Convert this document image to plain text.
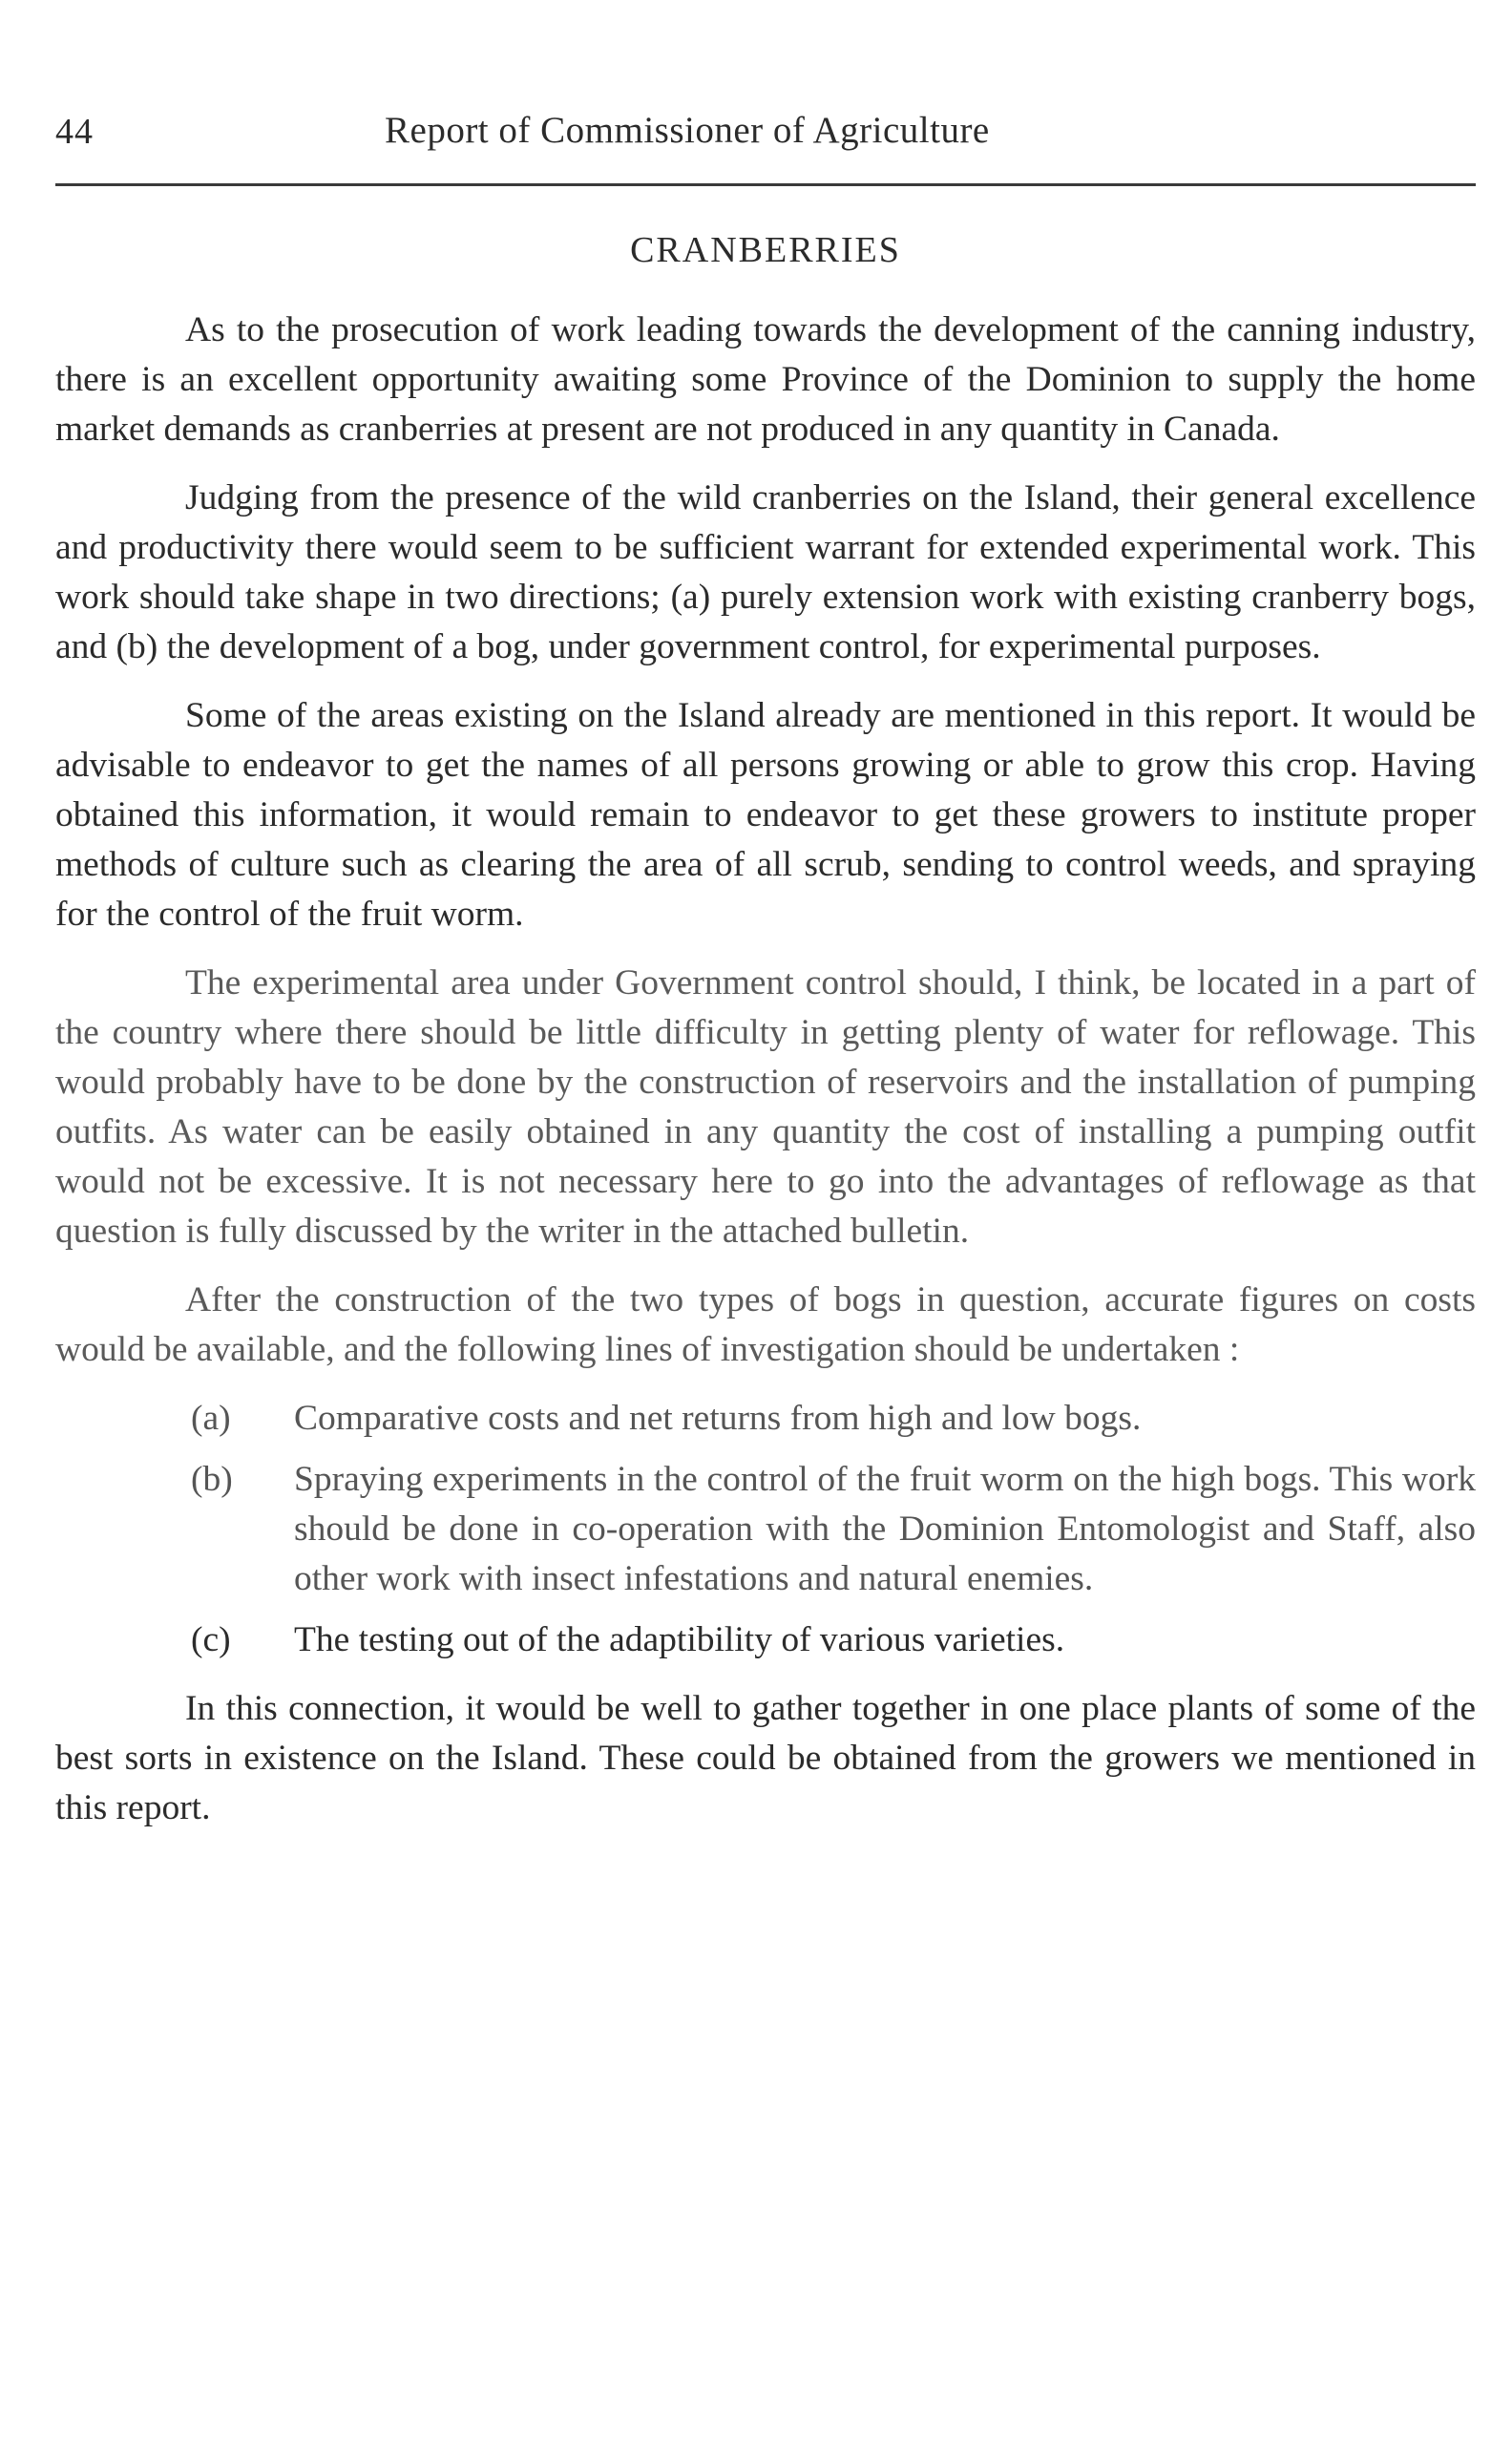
44	Report of Commissioner of Agriculture
CRANBERRIES

As to the prosecution of work leading towards the development of the canning industry, there is an excellent opportunity awaiting some Province of the Dominion to supply the home market demands as cranberries at present are not produced in any quantity in Canada.

Judging from the presence of the wild cranberries on the Island, their general excellence and productivity there would seem to be sufficient warrant for extended experimental work. This work should take shape in two directions; (a) purely extension work with existing cranberry bogs, and (b) the development of a bog, under government control, for experimental purposes.

Some of the areas existing on the Island already are mentioned in this report. It would be advisable to endeavor to get the names of all persons growing or able to grow this crop. Having obtained this information, it would remain to endeavor to get these growers to institute proper methods of culture such as clearing the area of all scrub, sending to control weeds, and spraying for the control of the fruit worm.

The experimental area under Government control should, I think, be located in a part of the country where there should be little difficulty in getting plenty of water for reflowage. This would probably have to be done by the construction of reservoirs and the installation of pumping outfits. As water can be easily obtained in any quantity the cost of installing a pumping outfit would not be excessive. It is not necessary here to go into the advantages of reflowage as that question is fully discussed by the writer in the attached bulletin.

After the construction of the two types of bogs in question, accurate figures on costs would be available, and the following lines of investigation should be undertaken :

(a) Comparative costs and net returns from high and low bogs.
(b) Spraying experiments in the control of the fruit worm on the high bogs. This work should be done in co-operation with the Dominion Entomologist and Staff, also other work with insect infestations and natural enemies.
(c) The testing out of the adaptibility of various varieties.

In this connection, it would be well to gather together in one place plants of some of the best sorts in existence on the Island. These could be obtained from the growers we mentioned in this report.
